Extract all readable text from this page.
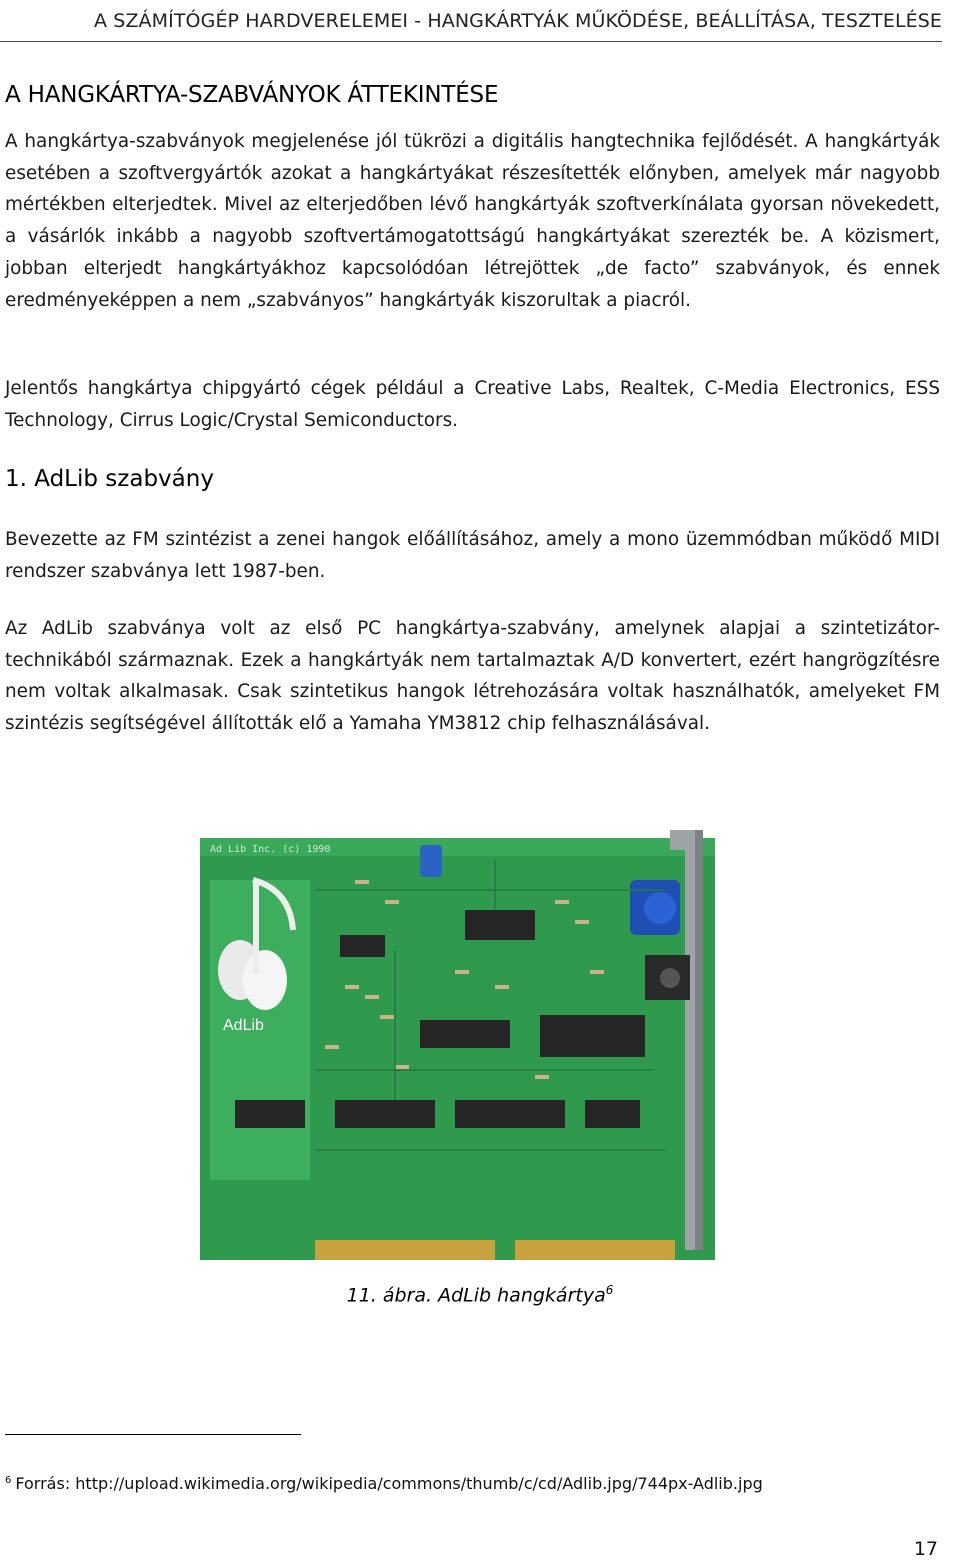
A SZÁMÍTÓGÉP HARDVERELEMEI - HANGKÁRTYÁK MŰKÖDÉSE, BEÁLLÍTÁSA, TESZTELÉSE
A HANGKÁRTYA-SZABVÁNYOK ÁTTEKINTÉSE

A hangkártya-szabványok megjelenése jól tükrözi a digitális hangtechnika fejlődését. A hangkártyák esetében a szoftvergyártók azokat a hangkártyákat részesítették előnyben, amelyek már nagyobb mértékben elterjedtek. Mivel az elterjedőben lévő hangkártyák szoftverkínálata gyorsan növekedett, a vásárlók inkább a nagyobb szoftvertámogatottságú hangkártyákat szerezték be. A közismert, jobban elterjedt hangkártyákhoz kapcsolódóan létrejöttek „de facto” szabványok, és ennek eredményeképpen a nem „szabványos” hangkártyák kiszorultak a piacról.

Jelentős hangkártya chipgyártó cégek például a Creative Labs, Realtek, C-Media Electronics, ESS Technology, Cirrus Logic/Crystal Semiconductors.

1. AdLib szabvány

Bevezette az FM szintézist a zenei hangok előállításához, amely a mono üzemmódban működő MIDI rendszer szabványa lett 1987-ben.

Az AdLib szabványa volt az első PC hangkártya-szabvány, amelynek alapjai a szintetizátor-technikából származnak. Ezek a hangkártyák nem tartalmaztak A/D konvertert, ezért hangrögzítésre nem voltak alkalmasak. Csak szintetikus hangok létrehozására voltak használhatók, amelyeket FM szintézis segítségével állították elő a Yamaha YM3812 chip felhasználásával.

AdLib
Ad Lib Inc. (c) 1990
11. ábra. AdLib hangkártya$^6$
$^6$ Forrás: http://upload.wikimedia.org/wikipedia/commons/thumb/c/cd/Adlib.jpg/744px-Adlib.jpg
17
